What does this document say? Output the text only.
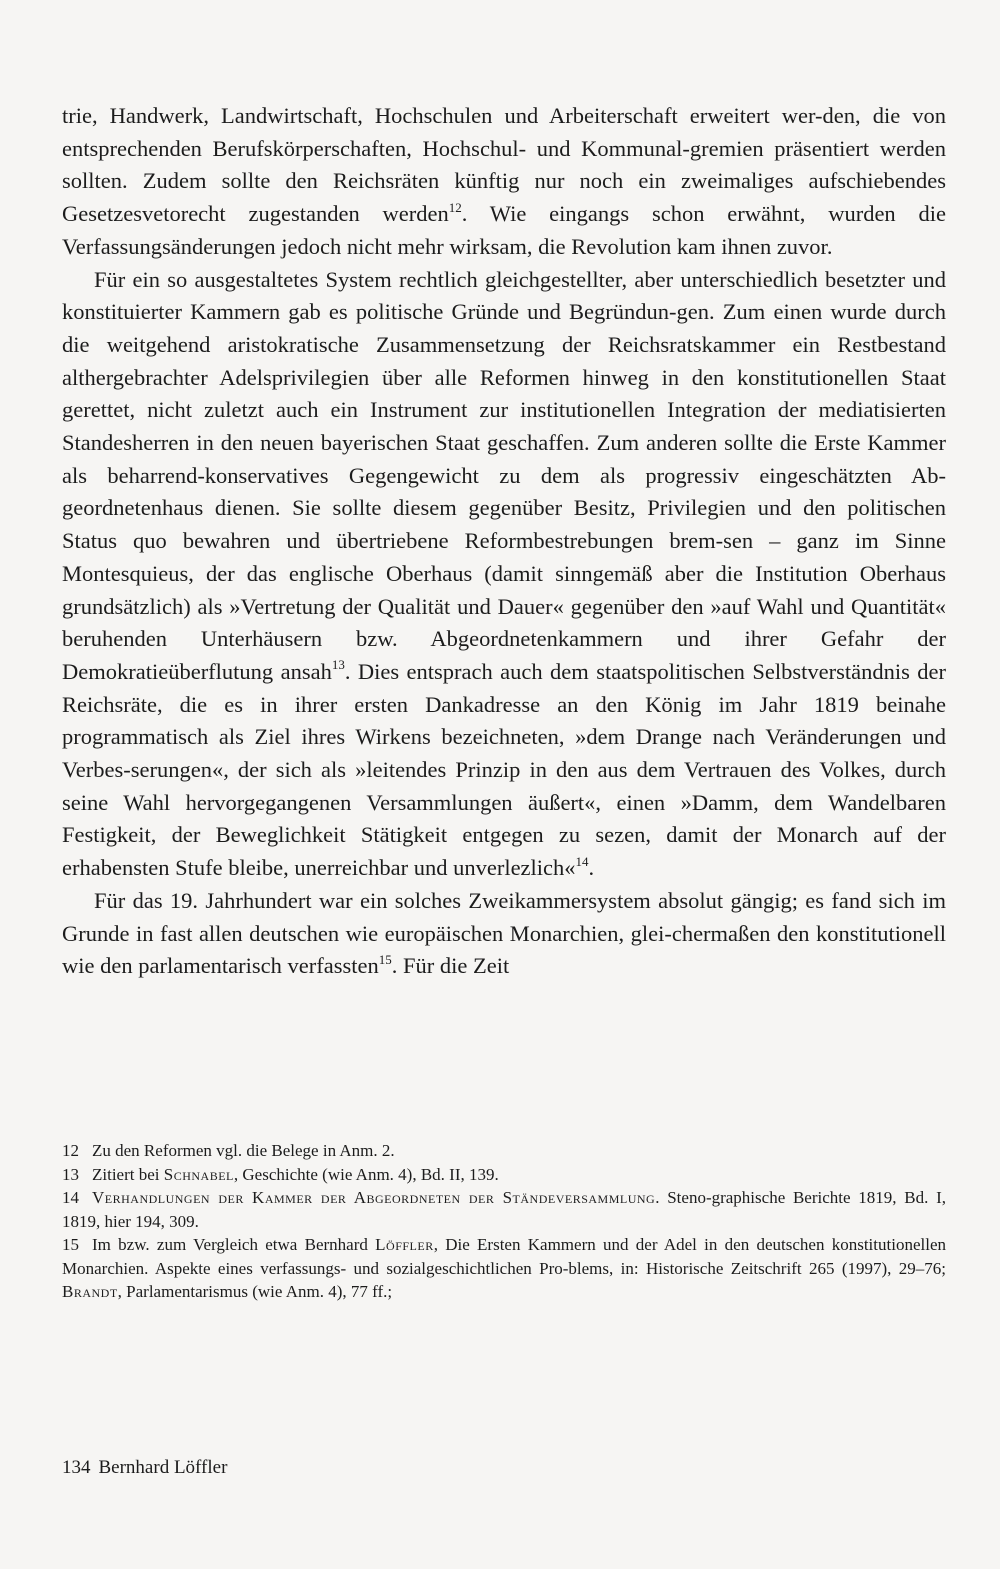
trie, Handwerk, Landwirtschaft, Hochschulen und Arbeiterschaft erweitert wer-den, die von entsprechenden Berufskörperschaften, Hochschul- und Kommunal-gremien präsentiert werden sollten. Zudem sollte den Reichsräten künftig nur noch ein zweimaliges aufschiebendes Gesetzesvetorecht zugestanden werden$^{12}$. Wie eingangs schon erwähnt, wurden die Verfassungsänderungen jedoch nicht mehr wirksam, die Revolution kam ihnen zuvor.

Für ein so ausgestaltetes System rechtlich gleichgestellter, aber unterschiedlich besetzter und konstituierter Kammern gab es politische Gründe und Begründun-gen. Zum einen wurde durch die weitgehend aristokratische Zusammensetzung der Reichsratskammer ein Restbestand althergebrachter Adelsprivilegien über alle Reformen hinweg in den konstitutionellen Staat gerettet, nicht zuletzt auch ein Instrument zur institutionellen Integration der mediatisierten Standesherren in den neuen bayerischen Staat geschaffen. Zum anderen sollte die Erste Kammer als beharrend-konservatives Gegengewicht zu dem als progressiv eingeschätzten Ab-geordnetenhaus dienen. Sie sollte diesem gegenüber Besitz, Privilegien und den politischen Status quo bewahren und übertriebene Reformbestrebungen brem-sen – ganz im Sinne Montesquieus, der das englische Oberhaus (damit sinngemäß aber die Institution Oberhaus grundsätzlich) als »Vertretung der Qualität und Dauer« gegenüber den »auf Wahl und Quantität« beruhenden Unterhäusern bzw. Abgeordnetenkammern und ihrer Gefahr der Demokratieüberflutung ansah$^{13}$. Dies entsprach auch dem staatspolitischen Selbstverständnis der Reichsräte, die es in ihrer ersten Dankadresse an den König im Jahr 1819 beinahe programmatisch als Ziel ihres Wirkens bezeichneten, »dem Drange nach Veränderungen und Verbes-serungen«, der sich als »leitendes Prinzip in den aus dem Vertrauen des Volkes, durch seine Wahl hervorgegangenen Versammlungen äußert«, einen »Damm, dem Wandelbaren Festigkeit, der Beweglichkeit Stätigkeit entgegen zu sezen, damit der Monarch auf der erhabensten Stufe bleibe, unerreichbar und unverlezlich«$^{14}$.

Für das 19. Jahrhundert war ein solches Zweikammersystem absolut gängig; es fand sich im Grunde in fast allen deutschen wie europäischen Monarchien, glei-chermaßen den konstitutionell wie den parlamentarisch verfassten$^{15}$. Für die Zeit

12 Zu den Reformen vgl. die Belege in Anm. 2.

13 Zitiert bei Schnabel, Geschichte (wie Anm. 4), Bd. II, 139.

14 Verhandlungen der Kammer der Abgeordneten der Ständeversammlung. Steno-graphische Berichte 1819, Bd. I, 1819, hier 194, 309.

15 Im bzw. zum Vergleich etwa Bernhard Löffler, Die Ersten Kammern und der Adel in den deutschen konstitutionellen Monarchien. Aspekte eines verfassungs- und sozialgeschichtlichen Pro-blems, in: Historische Zeitschrift 265 (1997), 29–76; Brandt, Parlamentarismus (wie Anm. 4), 77 ff.;

134 Bernhard Löffler
